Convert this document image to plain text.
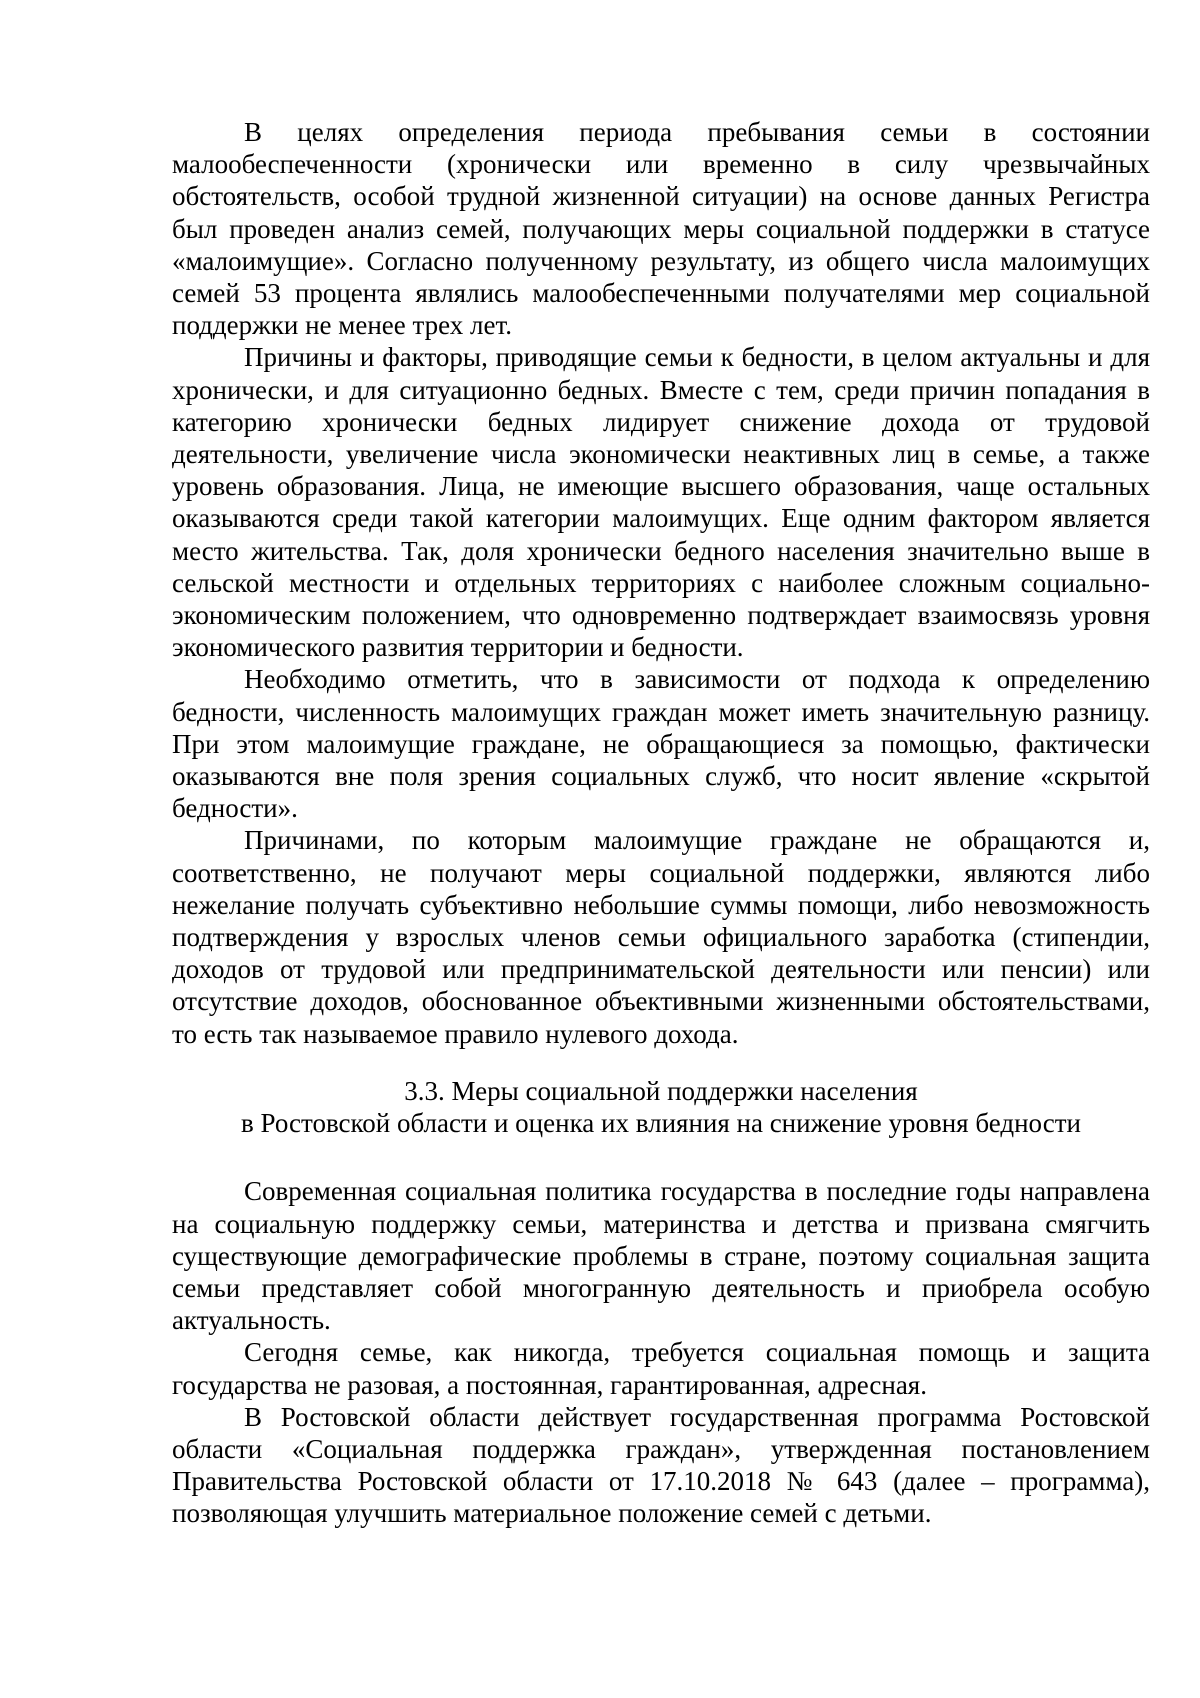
В целях определения периода пребывания семьи в состоянии малообеспеченности (хронически или временно в силу чрезвычайных обстоятельств, особой трудной жизненной ситуации) на основе данных Регистра был проведен анализ семей, получающих меры социальной поддержки в статусе «малоимущие». Согласно полученному результату, из общего числа малоимущих семей 53 процента являлись малообеспеченными получателями мер социальной поддержки не менее трех лет.

Причины и факторы, приводящие семьи к бедности, в целом актуальны и для хронически, и для ситуационно бедных. Вместе с тем, среди причин попадания в категорию хронически бедных лидирует снижение дохода от трудовой деятельности, увеличение числа экономически неактивных лиц в семье, а также уровень образования. Лица, не имеющие высшего образования, чаще остальных оказываются среди такой категории малоимущих. Еще одним фактором является место жительства. Так, доля хронически бедного населения значительно выше в сельской местности и отдельных территориях с наиболее сложным социально-экономическим положением, что одновременно подтверждает взаимосвязь уровня экономического развития территории и бедности.

Необходимо отметить, что в зависимости от подхода к определению бедности, численность малоимущих граждан может иметь значительную разницу. При этом малоимущие граждане, не обращающиеся за помощью, фактически оказываются вне поля зрения социальных служб, что носит явление «скрытой бедности».

Причинами, по которым малоимущие граждане не обращаются и, соответственно, не получают меры социальной поддержки, являются либо нежелание получать субъективно небольшие суммы помощи, либо невозможность подтверждения у взрослых членов семьи официального заработка (стипендии, доходов от трудовой или предпринимательской деятельности или пенсии) или отсутствие доходов, обоснованное объективными жизненными обстоятельствами, то есть так называемое правило нулевого дохода.

3.3. Меры социальной поддержки населения
в Ростовской области и оценка их влияния на снижение уровня бедности

Современная социальная политика государства в последние годы направлена на социальную поддержку семьи, материнства и детства и призвана смягчить существующие демографические проблемы в стране, поэтому социальная защита семьи представляет собой многогранную деятельность и приобрела особую актуальность.

Сегодня семье, как никогда, требуется социальная помощь и защита государства не разовая, а постоянная, гарантированная, адресная.

В Ростовской области действует государственная программа Ростовской области «Социальная поддержка граждан», утвержденная постановлением Правительства Ростовской области от 17.10.2018 № 643 (далее – программа), позволяющая улучшить материальное положение семей с детьми.
